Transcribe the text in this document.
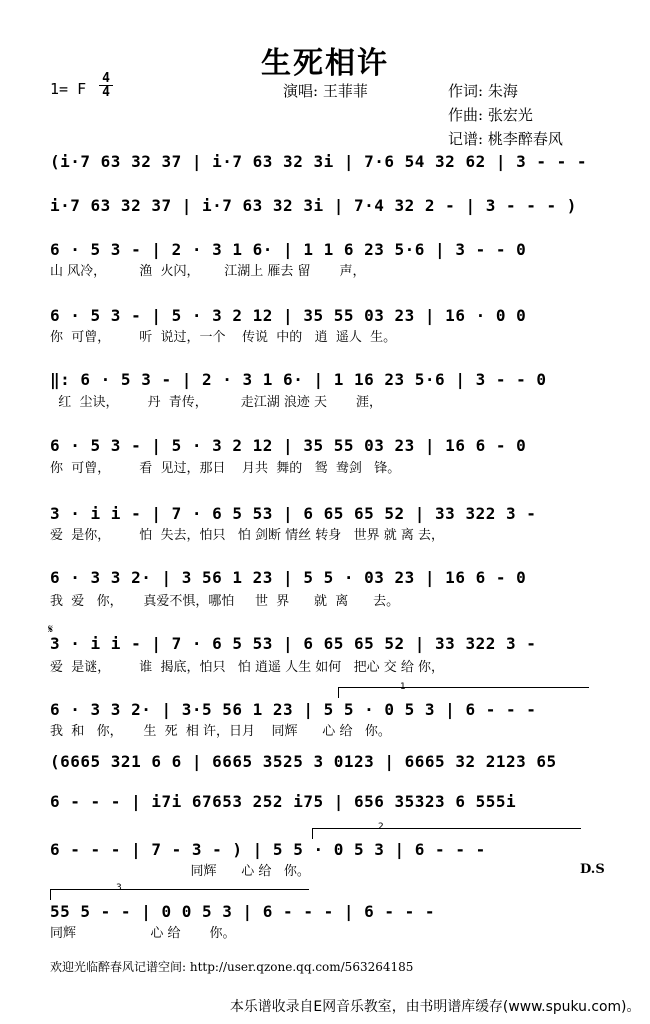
生死相许
1= F
4
4	演唱: 王菲菲	作词: 朱海
作曲: 张宏光
记谱: 桃李醉春风
(i·7 63 32 37 | i·7 63 32 3i | 7·6 54 32 62 | 3 - - -
i·7 63 32 37 | i·7 63 32 3i | 7·4 32 2 - | 3 - - - )
6 · 5 3 - | 2 · 3 1 6· | 1 1 6 23 5·6 | 3 - - 0
山 风冷，        渔  火闪，      江湖上 雁去 留       声，
6 · 5 3 - | 5 · 3 2 12 | 35 55 03 23 | 16 · 0 0
你  可曾，       听  说过，一个    传说  中的   逍  遥人  生。
‖: 6 · 5 3 - | 2 · 3 1 6· | 1 16 23 5·6 | 3 - - 0
红  尘诀，       丹  青传，        走江湖 浪迹 天       涯，
6 · 5 3 - | 5 · 3 2 12 | 35 55 03 23 | 16 6 - 0
你  可曾，       看  见过，那日    月共  舞的   鸳  鸯剑   锋。
3 · i i - | 7 · 6 5 53 | 6 65 65 52 | 33 322 3 -
爱  是你，       怕  失去，怕只   怕 剑断 情丝 转身   世界 就 离 去，
6 · 3 3 2· | 3 56 1 23 | 5 5 · 03 23 | 16 6 - 0
我  爱   你，     真爱不惧，哪怕     世  界      就  离      去。
𝄋
3 · i i - | 7 · 6 5 53 | 6 65 65 52 | 33 322 3 -
爱  是谜，       谁  揭底，怕只   怕 逍遥 人生 如何   把心 交 给 你，
1
6 · 3 3 2· | 3·5 56 1 23 | 5 5 · 0 5 3 | 6 - - -
我  和   你，     生  死  相 许，日月    同辉      心 给   你。
(6665 321 6 6 | 6665 3525 3 0123 | 6665 32 2123 65
6 - - - | i7i 67653 252 i75 | 656 35323 6 555i
2
6 - - - | 7 - 3 - ) | 5 5 · 0 5 3 | 6 - - -
同辉      心 给   你。	D.S
3
55 5 - - | 0 0 5 3 | 6 - - - | 6 - - -
同辉                  心 给       你。
欢迎光临醉春风记谱空间: http://user.qzone.qq.com/563264185
本乐谱收录自E网音乐教室，由书明谱库缓存(www.spuku.com)。
